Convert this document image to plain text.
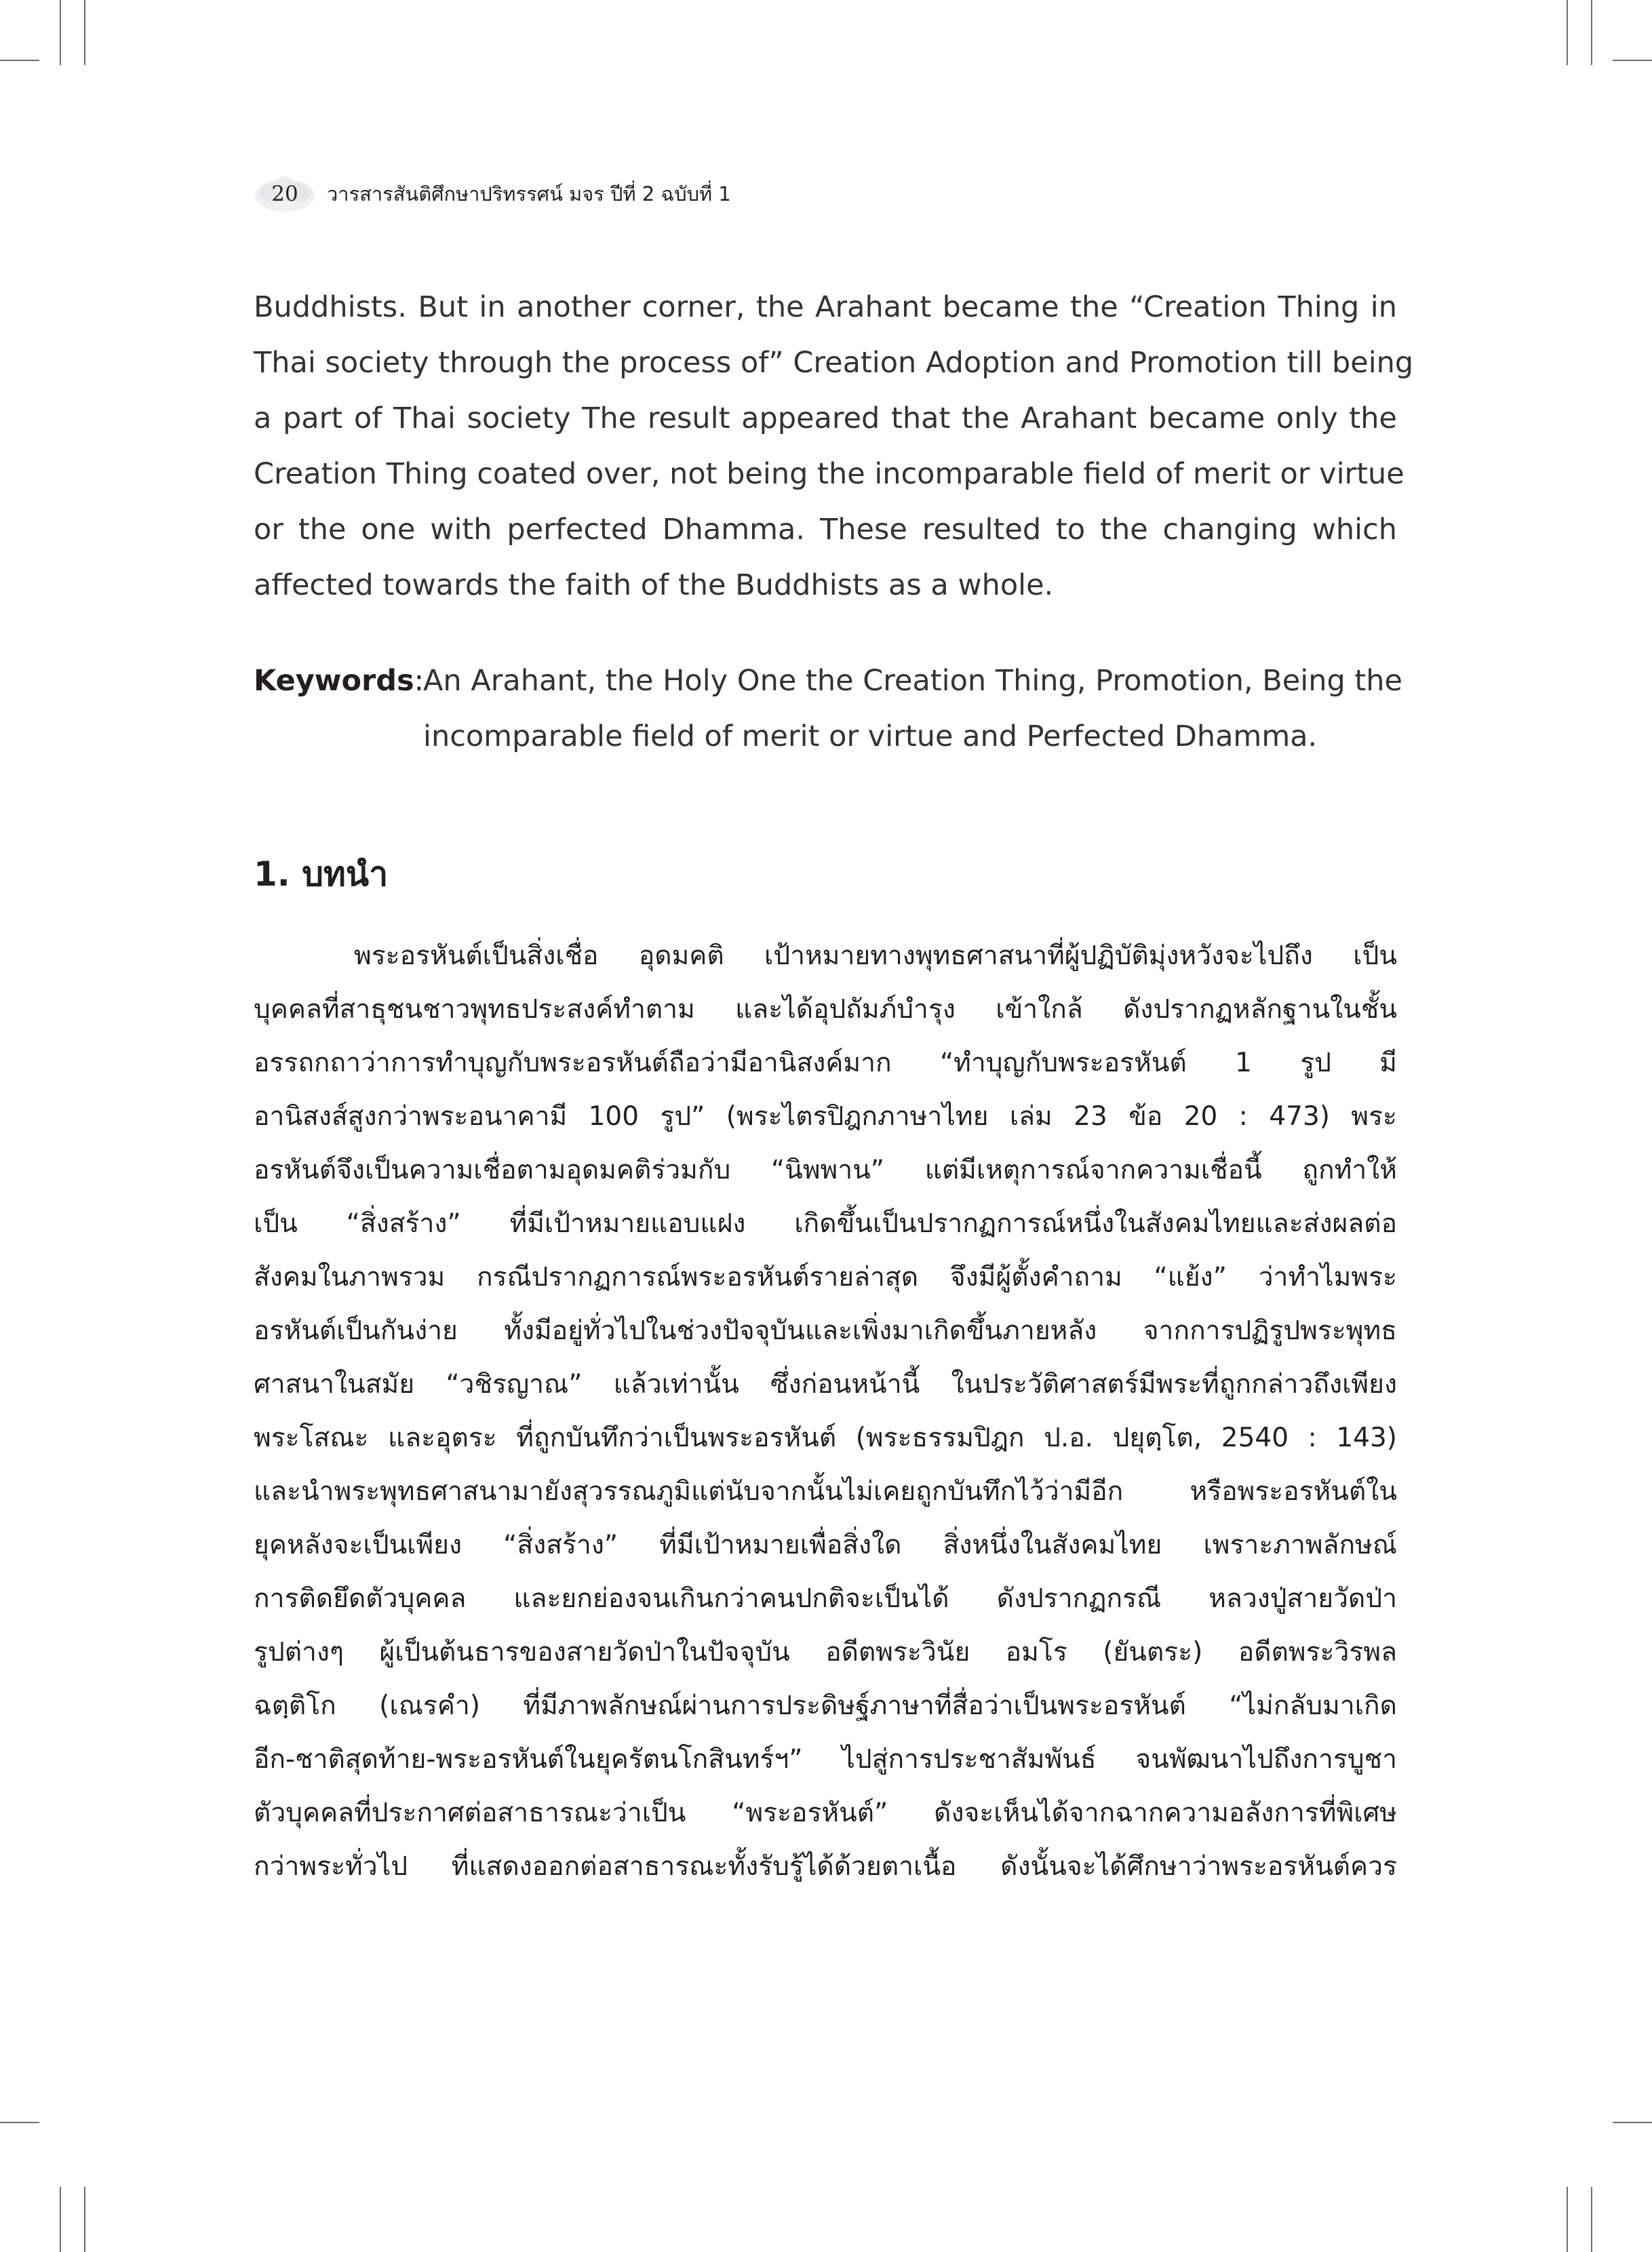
20 วารสารสันติศึกษาปริทรรศน์ มจร ปีที่ 2 ฉบับที่ 1
Buddhists. But in another corner, the Arahant became the “Creation Thing in
Thai society through the process of” Creation Adoption and Promotion till being
a part of Thai society The result appeared that the Arahant became only the
Creation Thing coated over, not being the incomparable field of merit or virtue
or the one with perfected Dhamma. These resulted to the changing which
affected towards the faith of the Buddhists as a whole.
Keywords:
An Arahant, the Holy One the Creation Thing, Promotion, Being the
incomparable field of merit or virtue and Perfected Dhamma.
1. บทนำ
พระอรหันต์เป็นสิ่งเชื่อ อุดมคติ เป้าหมายทางพุทธศาสนาที่ผู้ปฏิบัติมุ่งหวังจะไปถึง เป็น
บุคคลที่สาธุชนชาวพุทธประสงค์ทำตาม และได้อุปถัมภ์บำรุง เข้าใกล้ ดังปรากฏหลักฐานในชั้น
อรรถกถาว่าการทำบุญกับพระอรหันต์ถือว่ามีอานิสงค์มาก “ทำบุญกับพระอรหันต์ 1 รูป มี
อานิสงส์สูงกว่าพระอนาคามี 100 รูป” (พระไตรปิฎกภาษาไทย เล่ม 23 ข้อ 20 : 473) พระ
อรหันต์จึงเป็นความเชื่อตามอุดมคติร่วมกับ “นิพพาน” แต่มีเหตุการณ์จากความเชื่อนี้ ถูกทำให้
เป็น “สิ่งสร้าง” ที่มีเป้าหมายแอบแฝง เกิดขึ้นเป็นปรากฏการณ์หนึ่งในสังคมไทยและส่งผลต่อ
สังคมในภาพรวม กรณีปรากฏการณ์พระอรหันต์รายล่าสุด จึงมีผู้ตั้งคำถาม “แย้ง” ว่าทำไมพระ
อรหันต์เป็นกันง่าย ทั้งมีอยู่ทั่วไปในช่วงปัจจุบันและเพิ่งมาเกิดขึ้นภายหลัง จากการปฏิรูปพระพุทธ
ศาสนาในสมัย “วชิรญาณ” แล้วเท่านั้น ซึ่งก่อนหน้านี้ ในประวัติศาสตร์มีพระที่ถูกกล่าวถึงเพียง
พระโสณะ และอุตระ ที่ถูกบันทึกว่าเป็นพระอรหันต์ (พระธรรมปิฎก ป.อ. ปยุตฺโต, 2540 : 143)
และนำพระพุทธศาสนามายังสุวรรณภูมิแต่นับจากนั้นไม่เคยถูกบันทึกไว้ว่ามีอีก หรือพระอรหันต์ใน
ยุคหลังจะเป็นเพียง “สิ่งสร้าง” ที่มีเป้าหมายเพื่อสิ่งใด สิ่งหนึ่งในสังคมไทย เพราะภาพลักษณ์
การติดยึดตัวบุคคล และยกย่องจนเกินกว่าคนปกติจะเป็นได้ ดังปรากฏกรณี หลวงปู่สายวัดป่า
รูปต่างๆ ผู้เป็นต้นธารของสายวัดป่าในปัจจุบัน อดีตพระวินัย อมโร (ยันตระ) อดีตพระวิรพล
ฉตฺติโก (เณรคำ) ที่มีภาพลักษณ์ผ่านการประดิษฐ์ภาษาที่สื่อว่าเป็นพระอรหันต์ “ไม่กลับมาเกิด
อีก-ชาติสุดท้าย-พระอรหันต์ในยุครัตนโกสินทร์ฯ” ไปสู่การประชาสัมพันธ์ จนพัฒนาไปถึงการบูชา
ตัวบุคคลที่ประกาศต่อสาธารณะว่าเป็น “พระอรหันต์” ดังจะเห็นได้จากฉากความอลังการที่พิเศษ
กว่าพระทั่วไป ที่แสดงออกต่อสาธารณะทั้งรับรู้ได้ด้วยตาเนื้อ ดังนั้นจะได้ศึกษาว่าพระอรหันต์ควร
